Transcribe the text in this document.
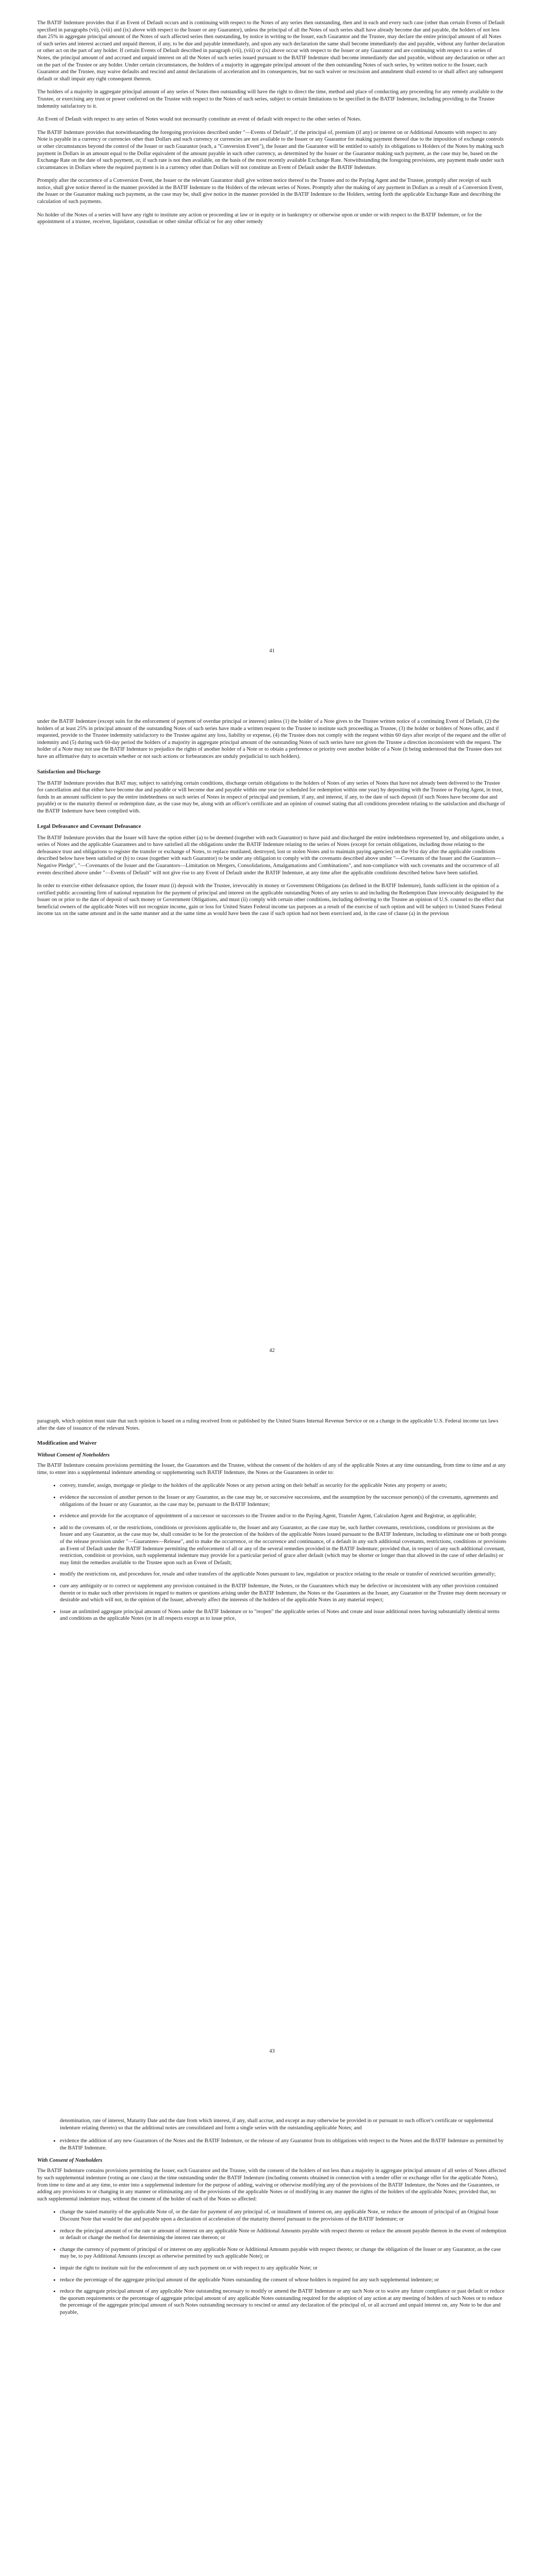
The BATIF Indenture provides that if an Event of Default occurs and is continuing with respect to the Notes of any series then outstanding, then and in each and every such case (other than certain Events of Default specified in paragraphs (vii), (viii) and (ix) above with respect to the Issuer or any Guarantor), unless the principal of all the Notes of such series shall have already become due and payable, the holders of not less than 25% in aggregate principal amount of the Notes of such affected series then outstanding, by notice in writing to the Issuer, each Guarantor and the Trustee, may declare the entire principal amount of all Notes of such series and interest accrued and unpaid thereon, if any, to be due and payable immediately, and upon any such declaration the same shall become immediately due and payable, without any further declaration or other act on the part of any holder. If certain Events of Default described in paragraph (vii), (viii) or (ix) above occur with respect to the Issuer or any Guarantor and are continuing with respect to a series of Notes, the principal amount of and accrued and unpaid interest on all the Notes of such series issued pursuant to the BATIF Indenture shall become immediately due and payable, without any declaration or other act on the part of the Trustee or any holder. Under certain circumstances, the holders of a majority in aggregate principal amount of the then outstanding Notes of such series, by written notice to the Issuer, each Guarantor and the Trustee, may waive defaults and rescind and annul declarations of acceleration and its consequences, but no such waiver or rescission and annulment shall extend to or shall affect any subsequent default or shall impair any right consequent thereon.

The holders of a majority in aggregate principal amount of any series of Notes then outstanding will have the right to direct the time, method and place of conducting any proceeding for any remedy available to the Trustee, or exercising any trust or power conferred on the Trustee with respect to the Notes of such series, subject to certain limitations to be specified in the BATIF Indenture, including providing to the Trustee indemnity satisfactory to it.

An Event of Default with respect to any series of Notes would not necessarily constitute an event of default with respect to the other series of Notes.

The BATIF Indenture provides that notwithstanding the foregoing provisions described under "—Events of Default", if the principal of, premium (if any) or interest on or Additional Amounts with respect to any Note is payable in a currency or currencies other than Dollars and such currency or currencies are not available to the Issuer or any Guarantor for making payment thereof due to the imposition of exchange controls or other circumstances beyond the control of the Issuer or such Guarantor (each, a "Conversion Event"), the Issuer and the Guarantor will be entitled to satisfy its obligations to Holders of the Notes by making such payment in Dollars in an amount equal to the Dollar equivalent of the amount payable in such other currency, as determined by the Issuer or the Guarantor making such payment, as the case may be, based on the Exchange Rate on the date of such payment, or, if such rate is not then available, on the basis of the most recently available Exchange Rate. Notwithstanding the foregoing provisions, any payment made under such circumstances in Dollars where the required payment is in a currency other than Dollars will not constitute an Event of Default under the BATIF Indenture.

Promptly after the occurrence of a Conversion Event, the Issuer or the relevant Guarantor shall give written notice thereof to the Trustee and to the Paying Agent and the Trustee, promptly after receipt of such notice, shall give notice thereof in the manner provided in the BATIF Indenture to the Holders of the relevant series of Notes. Promptly after the making of any payment in Dollars as a result of a Conversion Event, the Issuer or the Guarantor making such payment, as the case may be, shall give notice in the manner provided in the BATIF Indenture to the Holders, setting forth the applicable Exchange Rate and describing the calculation of such payments.

No holder of the Notes of a series will have any right to institute any action or proceeding at law or in equity or in bankruptcy or otherwise upon or under or with respect to the BATIF Indenture, or for the appointment of a trustee, receiver, liquidator, custodian or other similar official or for any other remedy

41

under the BATIF Indenture (except suits for the enforcement of payment of overdue principal or interest) unless (1) the holder of a Note gives to the Trustee written notice of a continuing Event of Default, (2) the holders of at least 25% in principal amount of the outstanding Notes of such series have made a written request to the Trustee to institute such proceeding as Trustee, (3) the holder or holders of Notes offer, and if requested, provide to the Trustee indemnity satisfactory to the Trustee against any loss, liability or expense, (4) the Trustee does not comply with the request within 60 days after receipt of the request and the offer of indemnity and (5) during such 60-day period the holders of a majority in aggregate principal amount of the outstanding Notes of such series have not given the Trustee a direction inconsistent with the request. The holder of a Note may not use the BATIF Indenture to prejudice the rights of another holder of a Note or to obtain a preference or priority over another holder of a Note (it being understood that the Trustee does not have an affirmative duty to ascertain whether or not such actions or forbearances are unduly prejudicial to such holders).

Satisfaction and Discharge

The BATIF Indenture provides that BAT may, subject to satisfying certain conditions, discharge certain obligations to the holders of Notes of any series of Notes that have not already been delivered to the Trustee for cancellation and that either have become due and payable or will become due and payable within one year (or scheduled for redemption within one year) by depositing with the Trustee or Paying Agent, in trust, funds in an amount sufficient to pay the entire indebtedness on such series of Notes in respect of principal and premium, if any, and interest, if any, to the date of such deposit (if such Notes have become due and payable) or to the maturity thereof or redemption date, as the case may be, along with an officer's certificate and an opinion of counsel stating that all conditions precedent relating to the satisfaction and discharge of the BATIF Indenture have been complied with.

Legal Defeasance and Covenant Defeasance

The BATIF Indenture provides that the Issuer will have the option either (a) to be deemed (together with each Guarantor) to have paid and discharged the entire indebtedness represented by, and obligations under, a series of Notes and the applicable Guarantees and to have satisfied all the obligations under the BATIF Indenture relating to the series of Notes (except for certain obligations, including those relating to the defeasance trust and obligations to register the transfer or exchange of Notes, to replace mutilated, destroyed, lost or stolen Notes and to maintain paying agencies) on the 91st day after the applicable conditions described below have been satisfied or (b) to cease (together with each Guarantor) to be under any obligation to comply with the covenants described above under "—Covenants of the Issuer and the Guarantors—Negative Pledge", "—Covenants of the Issuer and the Guarantors—Limitation on Mergers, Consolidations, Amalgamations and Combinations", and non-compliance with such covenants and the occurrence of all events described above under "—Events of Default" will not give rise to any Event of Default under the BATIF Indenture, at any time after the applicable conditions described below have been satisfied.

In order to exercise either defeasance option, the Issuer must (i) deposit with the Trustee, irrevocably in money or Government Obligations (as defined in the BATIF Indenture), funds sufficient in the opinion of a certified public accounting firm of national reputation for the payment of principal and interest on the applicable outstanding Notes of any series to and including the Redemption Date irrevocably designated by the Issuer on or prior to the date of deposit of such money or Government Obligations, and must (ii) comply with certain other conditions, including delivering to the Trustee an opinion of U.S. counsel to the effect that beneficial owners of the applicable Notes will not recognize income, gain or loss for United States Federal income tax purposes as a result of the exercise of such option and will be subject to United States Federal income tax on the same amount and in the same manner and at the same time as would have been the case if such option had not been exercised and, in the case of clause (a) in the previous

42

paragraph, which opinion must state that such opinion is based on a ruling received from or published by the United States Internal Revenue Service or on a change in the applicable U.S. Federal income tax laws after the date of issuance of the relevant Notes.

Modification and Waiver
Without Consent of Noteholders

The BATIF Indenture contains provisions permitting the Issuer, the Guarantors and the Trustee, without the consent of the holders of any of the applicable Notes at any time outstanding, from time to time and at any time, to enter into a supplemental indenture amending or supplementing such BATIF Indenture, the Notes or the Guarantees in order to:

• convey, transfer, assign, mortgage or pledge to the holders of the applicable Notes or any person acting on their behalf as security for the applicable Notes any property or assets;
• evidence the succession of another person to the Issuer or any Guarantor, as the case may be, or successive successions, and the assumption by the successor person(s) of the covenants, agreements and obligations of the Issuer or any Guarantor, as the case may be, pursuant to the BATIF Indenture;
• evidence and provide for the acceptance of appointment of a successor or successors to the Trustee and/or to the Paying Agent, Transfer Agent, Calculation Agent and Registrar, as applicable;
• add to the covenants of, or the restrictions, conditions or provisions applicable to, the Issuer and any Guarantor, as the case may be, such further covenants, restrictions, conditions or provisions as the Issuer and any Guarantor, as the case may be, shall consider to be for the protection of the holders of the applicable Notes issued pursuant to the BATIF Indenture, including to eliminate one or both prongs of the release provision under "—Guarantees—Release", and to make the occurrence, or the occurrence and continuance, of a default in any such additional covenants, restrictions, conditions or provisions an Event of Default under the BATIF Indenture permitting the enforcement of all or any of the several remedies provided in the BATIF Indenture; provided that, in respect of any such additional covenant, restriction, condition or provision, such supplemental indenture may provide for a particular period of grace after default (which may be shorter or longer than that allowed in the case of other defaults) or may limit the remedies available to the Trustee upon such an Event of Default;
• modify the restrictions on, and procedures for, resale and other transfers of the applicable Notes pursuant to law, regulation or practice relating to the resale or transfer of restricted securities generally;
• cure any ambiguity or to correct or supplement any provision contained in the BATIF Indenture, the Notes, or the Guarantees which may be defective or inconsistent with any other provision contained therein or to make such other provisions in regard to matters or questions arising under the BATIF Indenture, the Notes or the Guarantees as the Issuer, any Guarantor or the Trustee may deem necessary or desirable and which will not, in the opinion of the Issuer, adversely affect the interests of the holders of the applicable Notes in any material respect;
• issue an unlimited aggregate principal amount of Notes under the BATIF Indenture or to "reopen" the applicable series of Notes and create and issue additional notes having substantially identical terms and conditions as the applicable Notes (or in all respects except as to issue price,
43

denomination, rate of interest, Maturity Date and the date from which interest, if any, shall accrue, and except as may otherwise be provided in or pursuant to such officer's certificate or supplemental indenture relating thereto) so that the additional notes are consolidated and form a single series with the outstanding applicable Notes; and

• evidence the addition of any new Guarantors of the Notes and the BATIF Indenture, or the release of any Guarantor from its obligations with respect to the Notes and the BATIF Indenture as permitted by the BATIF Indenture.
With Consent of Noteholders

The BATIF Indenture contains provisions permitting the Issuer, each Guarantor and the Trustee, with the consent of the holders of not less than a majority in aggregate principal amount of all series of Notes affected by such supplemental indenture (voting as one class) at the time outstanding under the BATIF Indenture (including consents obtained in connection with a tender offer or exchange offer for the applicable Notes), from time to time and at any time, to enter into a supplemental indenture for the purpose of adding, waiving or otherwise modifying any of the provisions of the BATIF Indenture, the Notes and the Guarantees, or adding any provisions to or changing in any manner or eliminating any of the provisions of the applicable Notes or of modifying in any manner the rights of the holders of the applicable Notes; provided that, no such supplemental indenture may, without the consent of the holder of each of the Notes so affected:

• change the stated maturity of the applicable Note of, or the date for payment of any principal of, or installment of interest on, any applicable Note, or reduce the amount of principal of an Original Issue Discount Note that would be due and payable upon a declaration of acceleration of the maturity thereof pursuant to the provisions of the BATIF Indenture; or
• reduce the principal amount of or the rate or amount of interest on any applicable Note or Additional Amounts payable with respect thereto or reduce the amount payable thereon in the event of redemption or default or change the method for determining the interest rate thereon; or
• change the currency of payment of principal of or interest on any applicable Note or Additional Amounts payable with respect thereto; or change the obligation of the Issuer or any Guarantor, as the case may be, to pay Additional Amounts (except as otherwise permitted by such applicable Note); or
• impair the right to institute suit for the enforcement of any such payment on or with respect to any applicable Note; or
• reduce the percentage of the aggregate principal amount of the applicable Notes outstanding the consent of whose holders is required for any such supplemental indenture; or
• reduce the aggregate principal amount of any applicable Note outstanding necessary to modify or amend the BATIF Indenture or any such Note or to waive any future compliance or past default or reduce the quorum requirements or the percentage of aggregate principal amount of any applicable Notes outstanding required for the adoption of any action at any meeting of holders of such Notes or to reduce the percentage of the aggregate principal amount of such Notes outstanding necessary to rescind or annul any declaration of the principal of, or all accrued and unpaid interest on, any Note to be due and payable,
